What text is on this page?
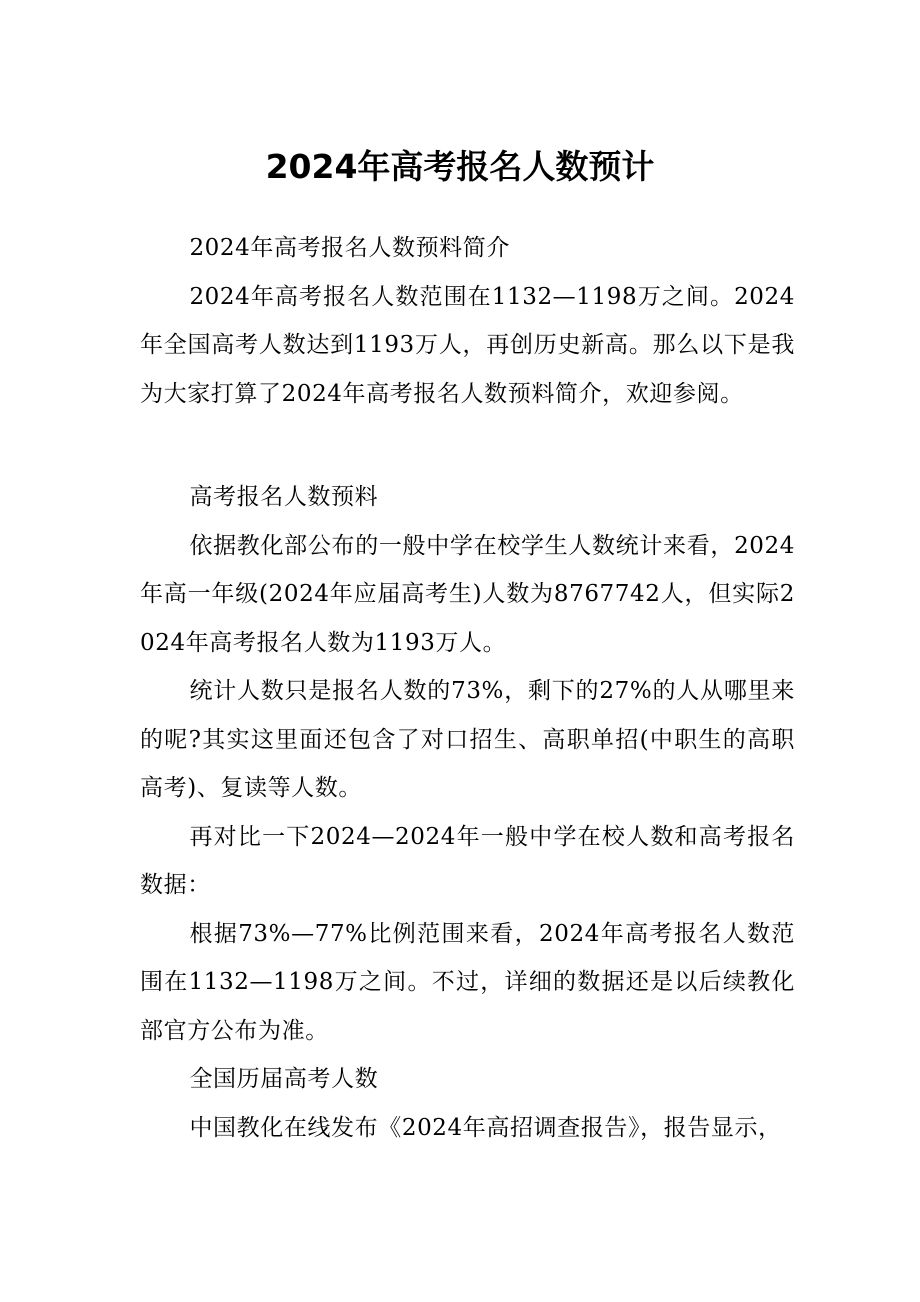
2024年高考报名人数预计

2024年高考报名人数预料简介

2024年高考报名人数范围在1132—1198万之间。2024年全国高考人数达到1193万人，再创历史新高。那么以下是我为大家打算了2024年高考报名人数预料简介，欢迎参阅。

高考报名人数预料

依据教化部公布的一般中学在校学生人数统计来看，2024年高一年级(2024年应届高考生)人数为8767742人，但实际2024年高考报名人数为1193万人。

统计人数只是报名人数的73%，剩下的27%的人从哪里来的呢?其实这里面还包含了对口招生、高职单招(中职生的高职高考)、复读等人数。

再对比一下2024—2024年一般中学在校人数和高考报名数据：

根据73%—77%比例范围来看，2024年高考报名人数范围在1132—1198万之间。不过，详细的数据还是以后续教化部官方公布为准。

全国历届高考人数

中国教化在线发布《2024年高招调查报告》，报告显示，
